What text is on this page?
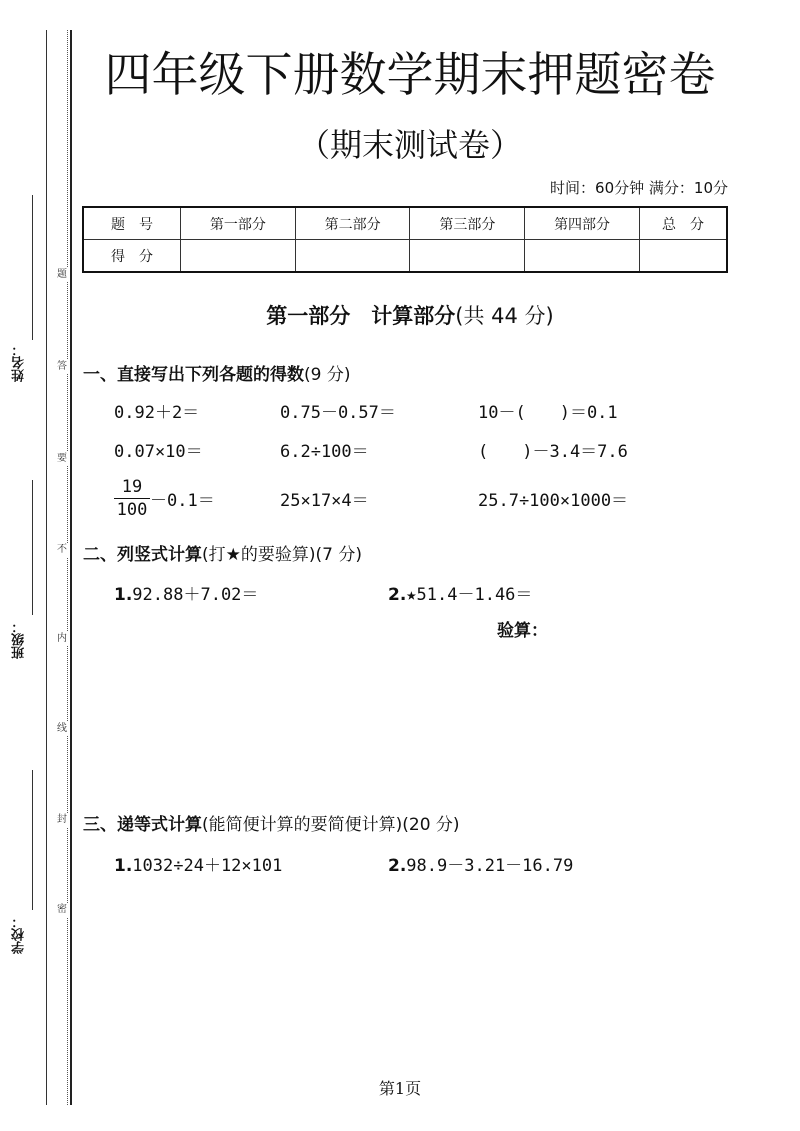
题
答
要
不
内
线
封
密
姓名：
班级：
学校：
四年级下册数学期末押题密卷
（期末测试卷）
时间：60分钟 满分：10分
题　号	第一部分	第二部分	第三部分	第四部分	总　分
得　分					
第一部分　计算部分(共 44 分)
一、直接写出下列各题的得数(9 分)
0.92＋2＝	0.75－0.57＝	10－(　　)＝0.1
0.07×10＝	6.2÷100＝	(　　)－3.4＝7.6
19
100 －0.1＝	25×17×4＝	25.7÷100×1000＝
二、列竖式计算(打★的要验算)(7 分)
1.92.88＋7.02＝	2.★51.4－1.46＝
验算：
三、递等式计算(能简便计算的要简便计算)(20 分)
1.1032÷24＋12×101	2.98.9－3.21－16.79
第1页
